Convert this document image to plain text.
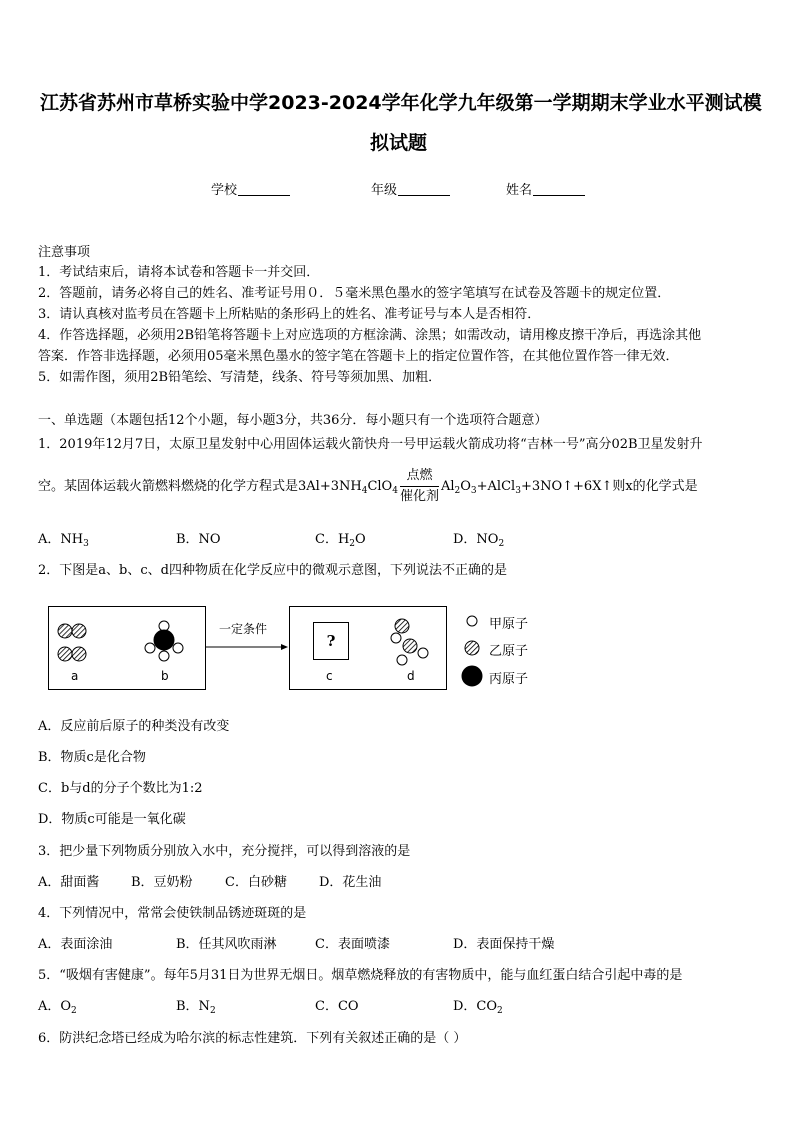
江苏省苏州市草桥实验中学2023-2024学年化学九年级第一学期期末学业水平测试模
拟试题
学校	年级	姓名
注意事项
1．考试结束后，请将本试卷和答题卡一并交回．
2．答题前，请务必将自己的姓名、准考证号用０．５毫米黑色墨水的签字笔填写在试卷及答题卡的规定位置．
3．请认真核对监考员在答题卡上所粘贴的条形码上的姓名、准考证号与本人是否相符．
4．作答选择题，必须用2B铅笔将答题卡上对应选项的方框涂满、涂黑；如需改动，请用橡皮擦干净后，再选涂其他
答案．作答非选择题，必须用05毫米黑色墨水的签字笔在答题卡上的指定位置作答，在其他位置作答一律无效．
5．如需作图，须用2B铅笔绘、写清楚，线条、符号等须加黑、加粗．
一、单选题（本题包括12个小题，每小题3分，共36分．每小题只有一个选项符合题意）
1．2019年12月7日，太原卫星发射中心用固体运载火箭快舟一号甲运载火箭成功将“吉林一号”高分02B卫星发射升
空。某固体运载火箭燃料燃烧的化学方程式是 $3Al+3NH_4ClO_4 \frac{\text{点燃}}{\text{催化剂}}$ $Al_2O_3+AlCl_3+3NO↑+6X↑$ 则x的化学式是
A．$NH_3$	B．NO	C．$H_2O$	D．$NO_2$
2．下图是a、b、c、d四种物质在化学反应中的微观示意图，下列说法不正确的是
?
一定条件
a	b	c	d
甲原子
乙原子
丙原子
A．反应前后原子的种类没有改变
B．物质c是化合物
C．b与d的分子个数比为1:2
D．物质c可能是一氧化碳
3．把少量下列物质分别放入水中，充分搅拌，可以得到溶液的是
A．甜面酱 B．豆奶粉 C．白砂糖 D．花生油
4．下列情况中，常常会使铁制品锈迹斑斑的是
A．表面涂油	B．任其风吹雨淋	C．表面喷漆	D．表面保持干燥
5．“吸烟有害健康”。每年5月31日为世界无烟日。烟草燃烧释放的有害物质中，能与血红蛋白结合引起中毒的是
A．$O_2$	B．$N_2$	C．CO	D．$CO_2$
6．防洪纪念塔已经成为哈尔滨的标志性建筑．下列有关叙述正确的是（ ）
